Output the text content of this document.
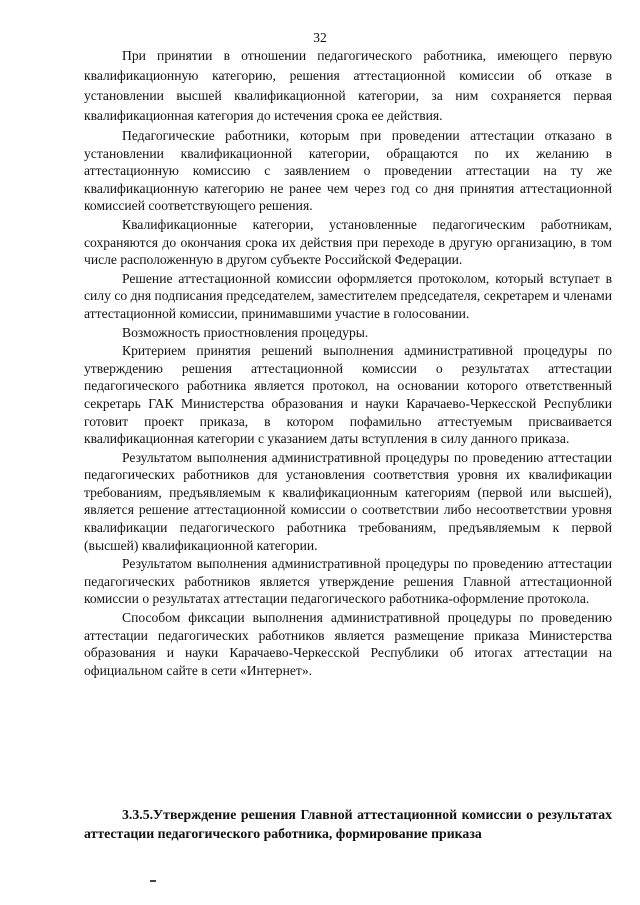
32

При принятии в отношении педагогического работника, имеющего первую квалификационную категорию, решения аттестационной комиссии об отказе в установлении высшей квалификационной категории, за ним сохраняется первая квалификационная категория до истечения срока ее действия.

Педагогические работники, которым при проведении аттестации отказано в установлении квалификационной категории, обращаются по их желанию в аттестационную комиссию с заявлением о проведении аттестации на ту же квалификационную категорию не ранее чем через год со дня принятия аттестационной комиссией соответствующего решения.

Квалификационные категории, установленные педагогическим работникам, сохраняются до окончания срока их действия при переходе в другую организацию, в том числе расположенную в другом субъекте Российской Федерации.

Решение аттестационной комиссии оформляется протоколом, который вступает в силу со дня подписания председателем, заместителем председателя, секретарем и членами аттестационной комиссии, принимавшими участие в голосовании.

Возможность приостновления процедуры.

Критерием принятия решений выполнения административной процедуры по утверждению решения аттестационной комиссии о результатах аттестации педагогического работника является протокол, на основании которого ответственный секретарь ГАК Министерства образования и науки Карачаево-Черкесской Республики готовит проект приказа, в котором пофамильно аттестуемым присваивается квалификационная категории с указанием даты вступления в силу данного приказа.

Результатом выполнения административной процедуры по проведению аттестации педагогических работников для установления соответствия уровня их квалификации требованиям, предъявляемым к квалификационным категориям (первой или высшей), является решение аттестационной комиссии о соответствии либо несоответствии уровня квалификации педагогического работника требованиям, предъявляемым к первой (высшей) квалификационной категории.

Результатом выполнения административной процедуры по проведению аттестации педагогических работников является утверждение решения Главной аттестационной комиссии о результатах аттестации педагогического работника-оформление протокола.

Способом фиксации выполнения административной процедуры по проведению аттестации педагогических работников является размещение приказа Министерства образования и науки Карачаево-Черкесской Республики об итогах аттестации на официальном сайте в сети «Интернет».

3.3.5.Утверждение решения Главной аттестационной комиссии о результатах аттестации педагогического работника, формирование приказа
